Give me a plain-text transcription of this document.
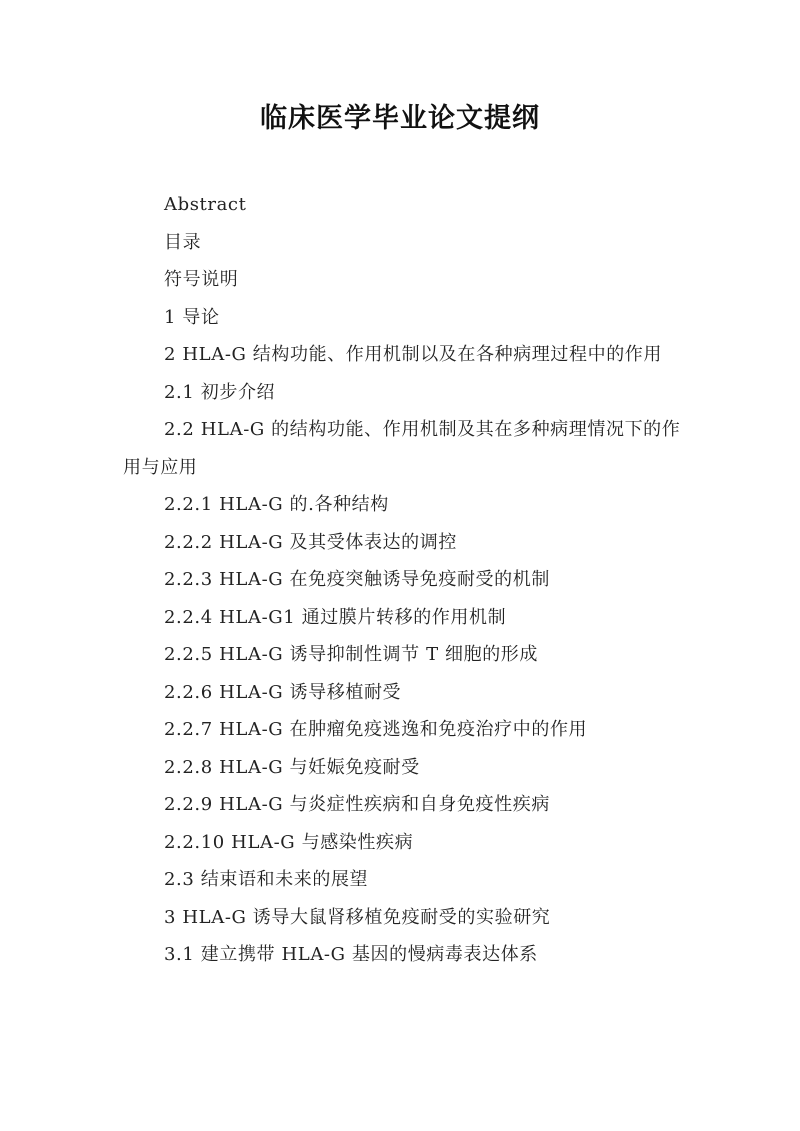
临床医学毕业论文提纲
Abstract
目录
符号说明
1 导论
2 HLA-G 结构功能、作用机制以及在各种病理过程中的作用
2.1 初步介绍
2.2 HLA-G 的结构功能、作用机制及其在多种病理情况下的作用与应用
2.2.1 HLA-G 的.各种结构
2.2.2 HLA-G 及其受体表达的调控
2.2.3 HLA-G 在免疫突触诱导免疫耐受的机制
2.2.4 HLA-G1 通过膜片转移的作用机制
2.2.5 HLA-G 诱导抑制性调节 T 细胞的形成
2.2.6 HLA-G 诱导移植耐受
2.2.7 HLA-G 在肿瘤免疫逃逸和免疫治疗中的作用
2.2.8 HLA-G 与妊娠免疫耐受
2.2.9 HLA-G 与炎症性疾病和自身免疫性疾病
2.2.10 HLA-G 与感染性疾病
2.3 结束语和未来的展望
3 HLA-G 诱导大鼠肾移植免疫耐受的实验研究
3.1 建立携带 HLA-G 基因的慢病毒表达体系
